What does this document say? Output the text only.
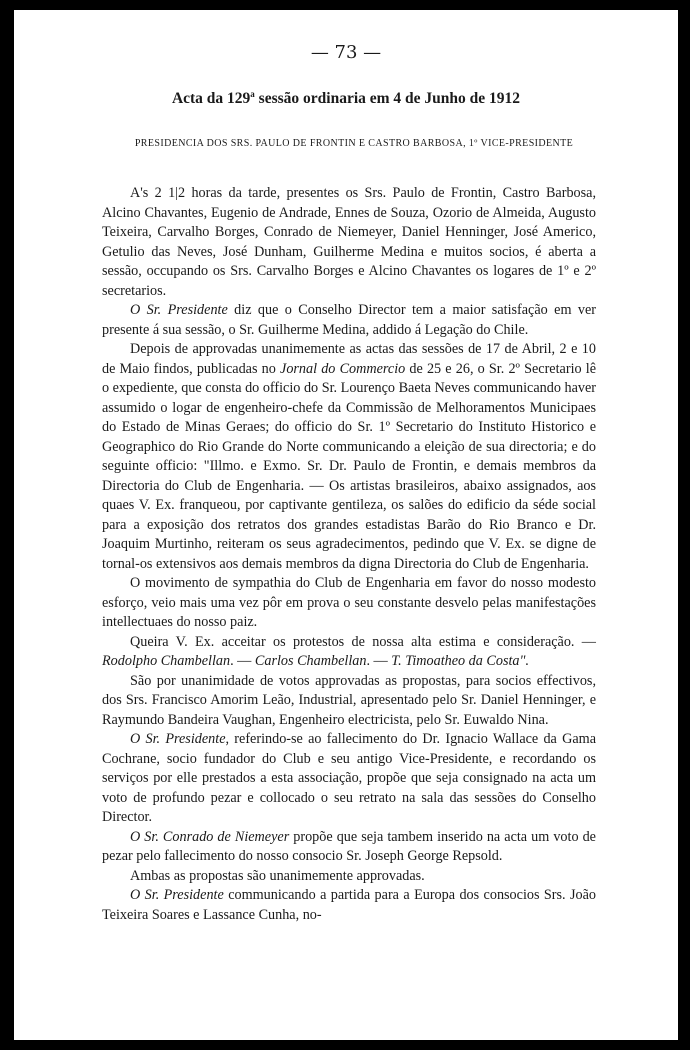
— 73 —
Acta da 129$^a$ sessão ordinaria em 4 de Junho de 1912
PRESIDENCIA DOS SRS. PAULO DE FRONTIN E CASTRO BARBOSA, 1º VICE-PRESIDENTE

A's 2 1|2 horas da tarde, presentes os Srs. Paulo de Frontin, Castro Barbosa, Alcino Chavantes, Eugenio de Andrade, Ennes de Souza, Ozorio de Almeida, Augusto Teixeira, Carvalho Borges, Conrado de Niemeyer, Daniel Henninger, José Americo, Getulio das Neves, José Dunham, Guilherme Medina e muitos socios, é aberta a sessão, occupando os Srs. Carvalho Borges e Alcino Chavantes os logares de 1º e 2º secretarios.

O Sr. Presidente diz que o Conselho Director tem a maior satisfação em ver presente á sua sessão, o Sr. Guilherme Medina, addido á Legação do Chile.

Depois de approvadas unanimemente as actas das sessões de 17 de Abril, 2 e 10 de Maio findos, publicadas no Jornal do Commercio de 25 e 26, o Sr. 2º Secretario lê o expediente, que consta do officio do Sr. Lourenço Baeta Neves communicando haver assumido o logar de engenheiro-chefe da Commissão de Melhoramentos Municipaes do Estado de Minas Geraes; do officio do Sr. 1º Secretario do Instituto Historico e Geographico do Rio Grande do Norte communicando a eleição de sua directoria; e do seguinte officio: "Illmo. e Exmo. Sr. Dr. Paulo de Frontin, e demais membros da Directoria do Club de Engenharia. — Os artistas brasileiros, abaixo assignados, aos quaes V. Ex. franqueou, por captivante gentileza, os salões do edificio da séde social para a exposição dos retratos dos grandes estadistas Barão do Rio Branco e Dr. Joaquim Murtinho, reiteram os seus agradecimentos, pedindo que V. Ex. se digne de tornal-os extensivos aos demais membros da digna Directoria do Club de Engenharia.

O movimento de sympathia do Club de Engenharia em favor do nosso modesto esforço, veio mais uma vez pôr em prova o seu constante desvelo pelas manifestações intellectuaes do nosso paiz.

Queira V. Ex. acceitar os protestos de nossa alta estima e consideração. — Rodolpho Chambellan. — Carlos Chambellan. — T. Timoatheo da Costa".

São por unanimidade de votos approvadas as propostas, para socios effectivos, dos Srs. Francisco Amorim Leão, Industrial, apresentado pelo Sr. Daniel Henninger, e Raymundo Bandeira Vaughan, Engenheiro electricista, pelo Sr. Euwaldo Nina.

O Sr. Presidente, referindo-se ao fallecimento do Dr. Ignacio Wallace da Gama Cochrane, socio fundador do Club e seu antigo Vice-Presidente, e recordando os serviços por elle prestados a esta associação, propõe que seja consignado na acta um voto de profundo pezar e collocado o seu retrato na sala das sessões do Conselho Director.

O Sr. Conrado de Niemeyer propõe que seja tambem inserido na acta um voto de pezar pelo fallecimento do nosso consocio Sr. Joseph George Repsold.

Ambas as propostas são unanimemente approvadas.

O Sr. Presidente communicando a partida para a Europa dos consocios Srs. João Teixeira Soares e Lassance Cunha, no-
